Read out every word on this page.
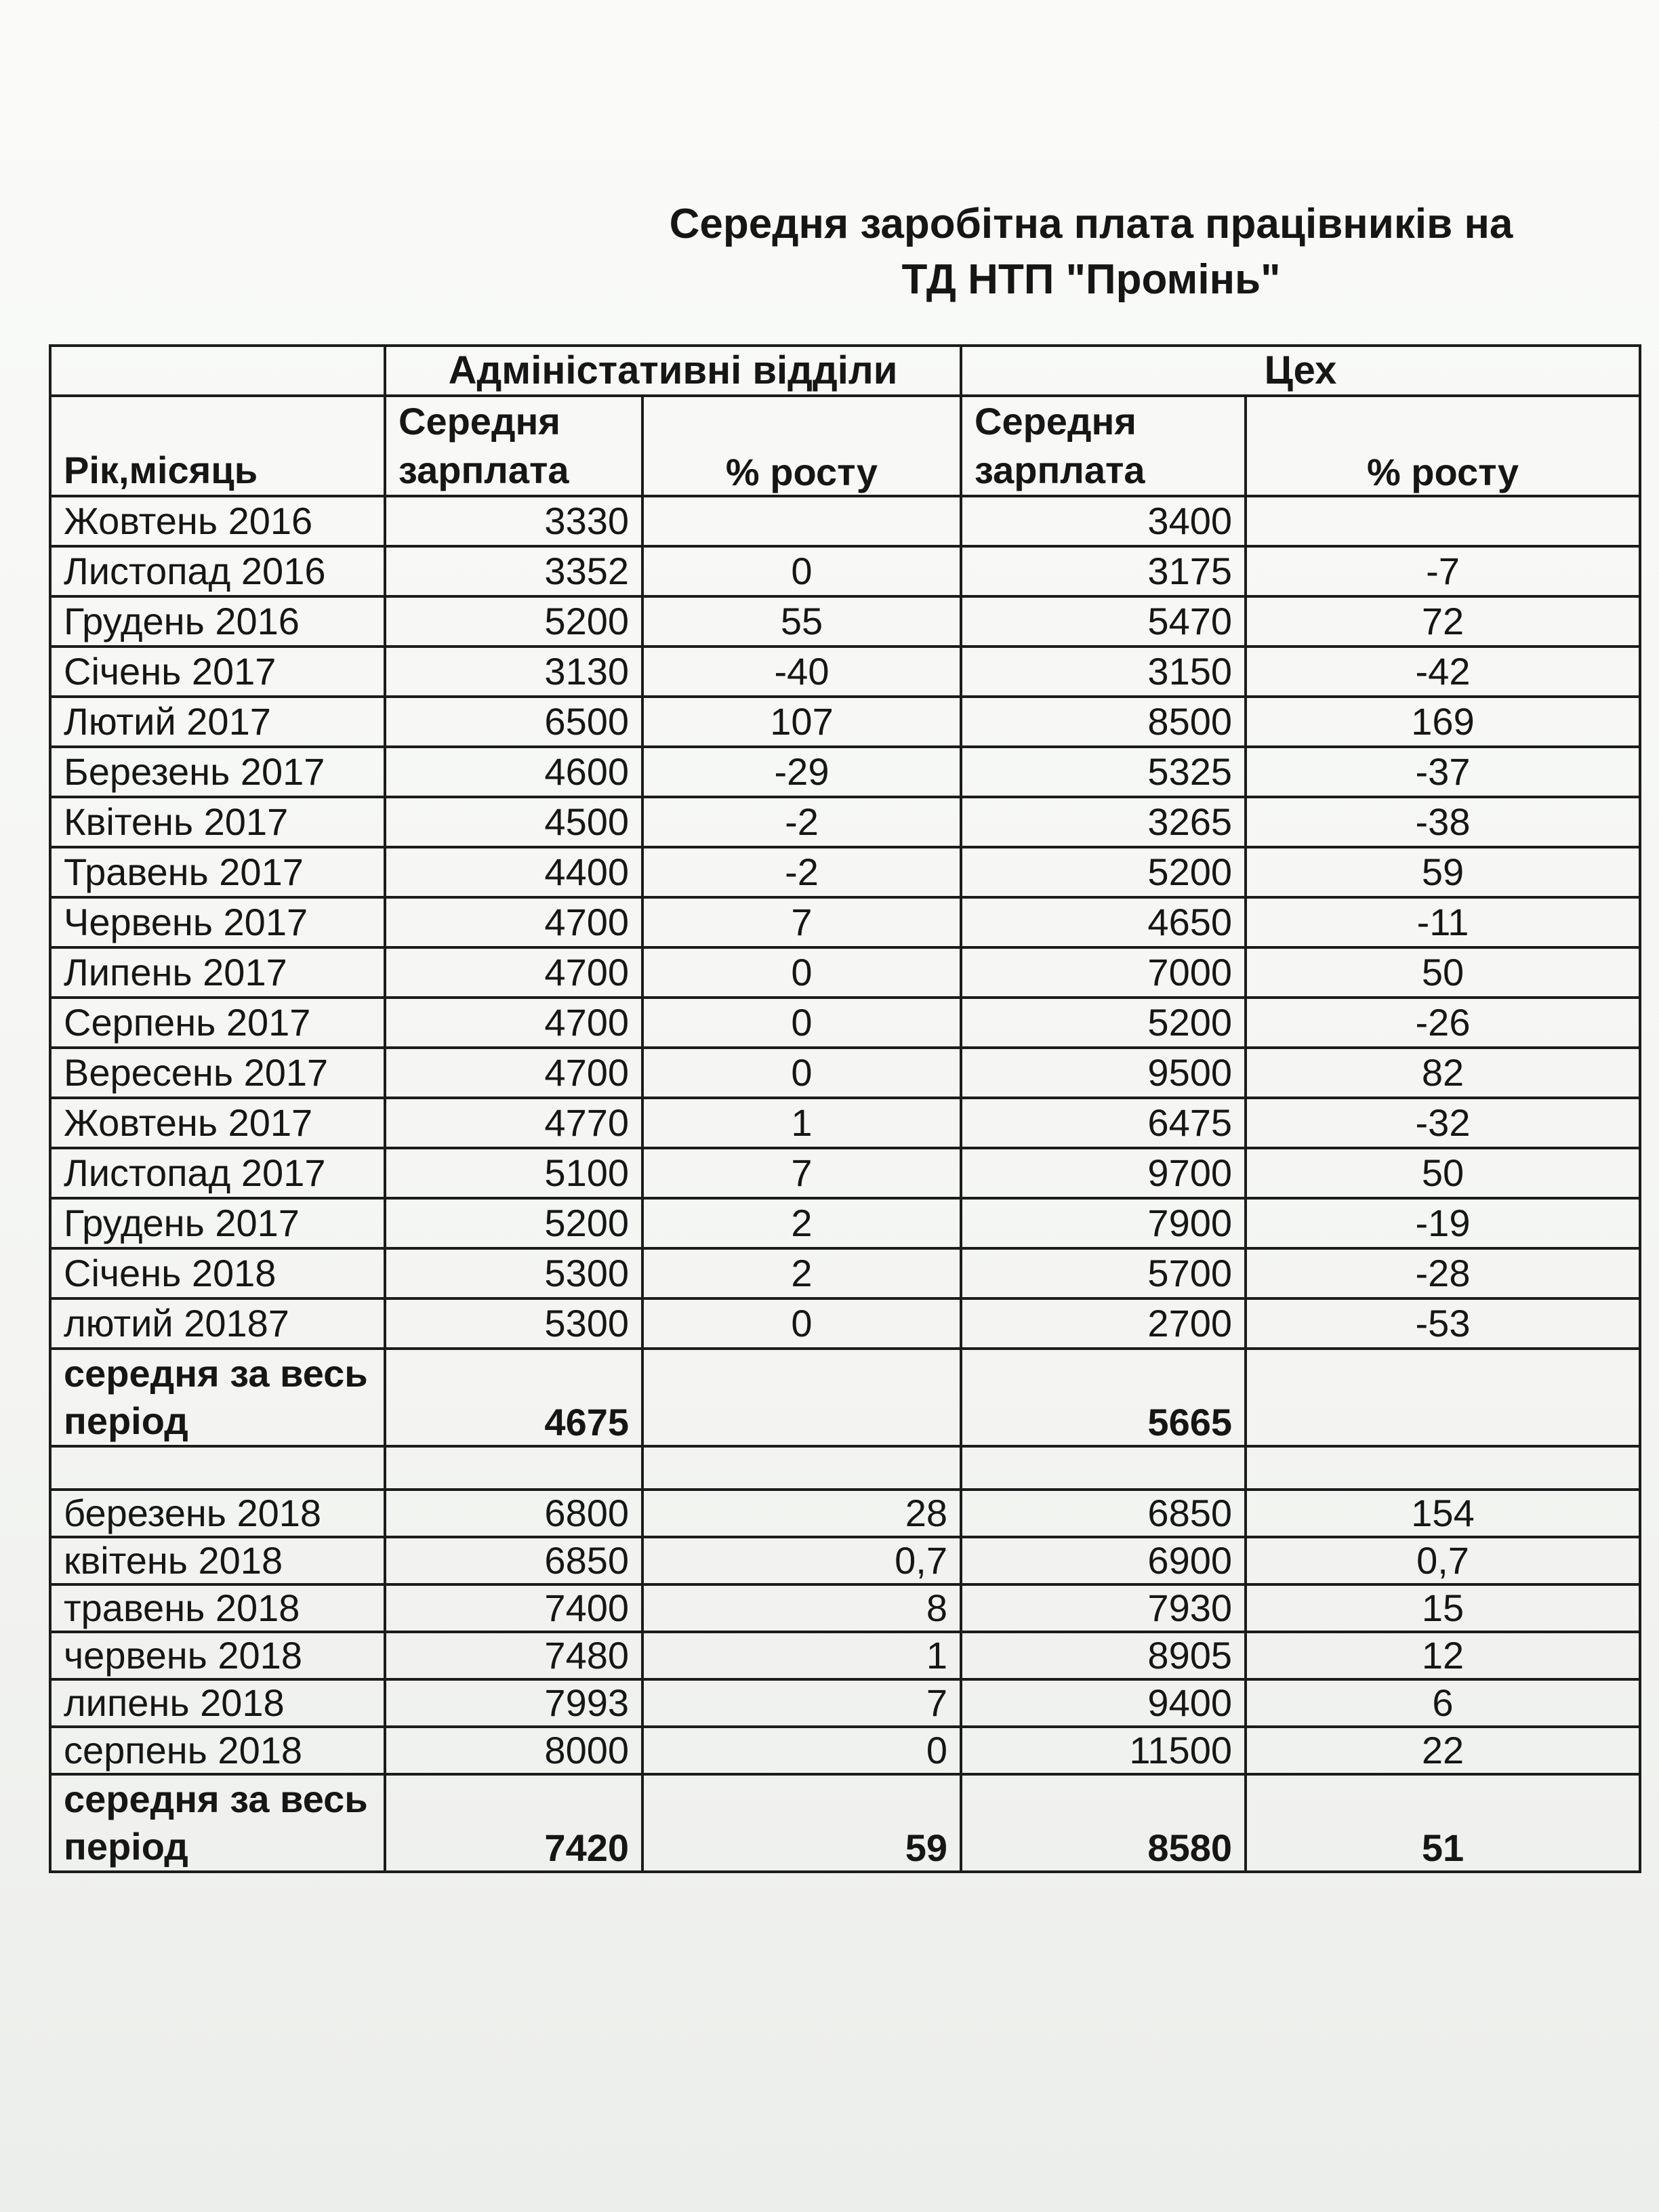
Середня заробітна плата працівників на
ТД НТП "Промінь"
	Адміністативні відділи		Цех	
Рік,місяць	Середня зарплата	% росту	Середня зарплата	% росту
Жовтень 2016	3330		3400	
Листопад 2016	3352	0	3175	-7
Грудень 2016	5200	55	5470	72
Січень 2017	3130	-40	3150	-42
Лютий 2017	6500	107	8500	169
Березень 2017	4600	-29	5325	-37
Квітень 2017	4500	-2	3265	-38
Травень 2017	4400	-2	5200	59
Червень 2017	4700	7	4650	-11
Липень 2017	4700	0	7000	50
Серпень 2017	4700	0	5200	-26
Вересень 2017	4700	0	9500	82
Жовтень 2017	4770	1	6475	-32
Листопад 2017	5100	7	9700	50
Грудень 2017	5200	2	7900	-19
Січень 2018	5300	2	5700	-28
лютий 20187	5300	0	2700	-53
середня за весь період	4675		5665	

березень 2018	6800	28	6850	154
квітень 2018	6850	0,7	6900	0,7
травень 2018	7400	8	7930	15
червень 2018	7480	1	8905	12
липень 2018	7993	7	9400	6
серпень 2018	8000	0	11500	22
середня за весь період	7420	59	8580	51
